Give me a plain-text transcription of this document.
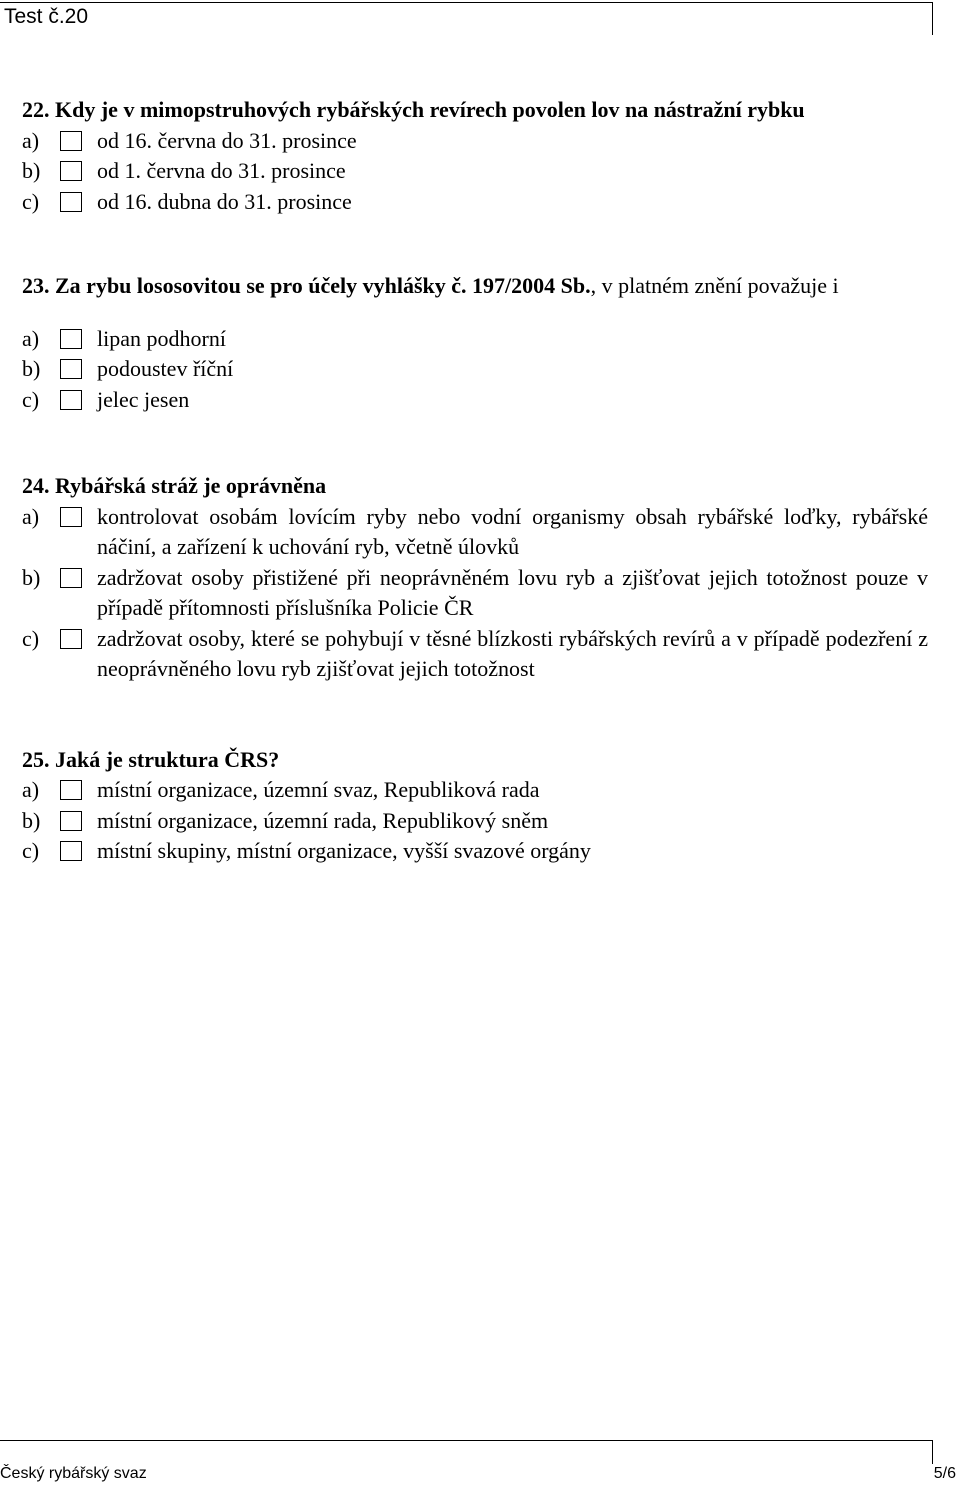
Test č.20
22. Kdy je v mimopstruhových rybářských revírech povolen lov na nástražní rybku
a)	od 16. června do 31. prosince
b)	od 1. června do 31. prosince
c)	od 16. dubna do 31. prosince
23. Za rybu lososovitou se pro účely vyhlášky č. 197/2004 Sb., v platném znění považuje i
a)	lipan podhorní
b)	podoustev říční
c)	jelec jesen
24. Rybářská stráž je oprávněna
a)	kontrolovat osobám lovícím ryby nebo vodní organismy obsah rybářské loďky, rybářské náčiní, a zařízení k uchování ryb, včetně úlovků
b)	zadržovat osoby přistižené při neoprávněném lovu ryb a zjišťovat jejich totožnost pouze v případě přítomnosti příslušníka Policie ČR
c)	zadržovat osoby, které se pohybují v těsné blízkosti rybářských revírů a v případě podezření z neoprávněného lovu ryb zjišťovat jejich totožnost
25. Jaká je struktura ČRS?
a)	místní organizace, územní svaz, Republiková rada
b)	místní organizace, územní rada, Republikový sněm
c)	místní skupiny, místní organizace, vyšší svazové orgány
Český rybářský svaz	5/6
